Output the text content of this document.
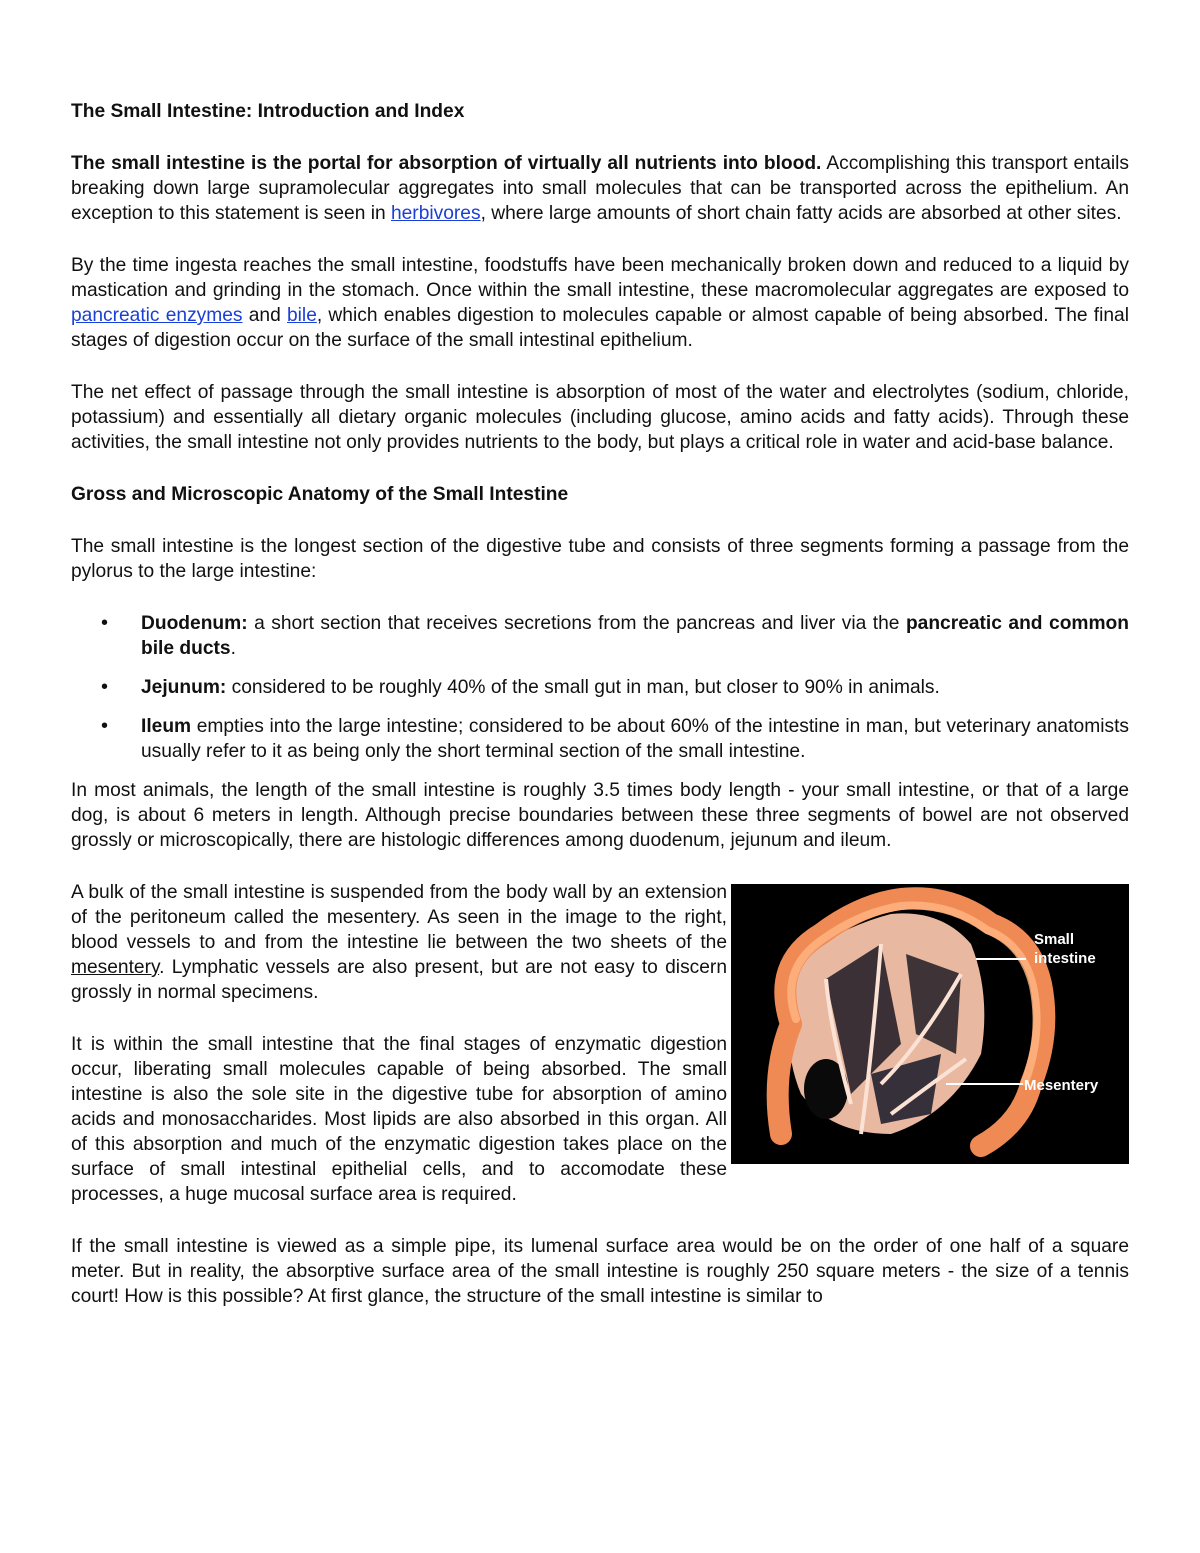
The Small Intestine: Introduction and Index

The small intestine is the portal for absorption of virtually all nutrients into blood. Accomplishing this transport entails breaking down large supramolecular aggregates into small molecules that can be transported across the epithelium. An exception to this statement is seen in herbivores, where large amounts of short chain fatty acids are absorbed at other sites.

By the time ingesta reaches the small intestine, foodstuffs have been mechanically broken down and reduced to a liquid by mastication and grinding in the stomach. Once within the small intestine, these macromolecular aggregates are exposed to pancreatic enzymes and bile, which enables digestion to molecules capable or almost capable of being absorbed. The final stages of digestion occur on the surface of the small intestinal epithelium.

The net effect of passage through the small intestine is absorption of most of the water and electrolytes (sodium, chloride, potassium) and essentially all dietary organic molecules (including glucose, amino acids and fatty acids). Through these activities, the small intestine not only provides nutrients to the body, but plays a critical role in water and acid-base balance.

Gross and Microscopic Anatomy of the Small Intestine

The small intestine is the longest section of the digestive tube and consists of three segments forming a passage from the pylorus to the large intestine:

• Duodenum: a short section that receives secretions from the pancreas and liver via the pancreatic and common bile ducts.
• Jejunum: considered to be roughly 40% of the small gut in man, but closer to 90% in animals.
• Ileum empties into the large intestine; considered to be about 60% of the intestine in man, but veterinary anatomists usually refer to it as being only the short terminal section of the small intestine.

In most animals, the length of the small intestine is roughly 3.5 times body length - your small intestine, or that of a large dog, is about 6 meters in length. Although precise boundaries between these three segments of bowel are not observed grossly or microscopically, there are histologic differences among duodenum, jejunum and ileum.

Small intestine
Mesentery

A bulk of the small intestine is suspended from the body wall by an extension of the peritoneum called the mesentery. As seen in the image to the right, blood vessels to and from the intestine lie between the two sheets of the mesentery. Lymphatic vessels are also present, but are not easy to discern grossly in normal specimens.

It is within the small intestine that the final stages of enzymatic digestion occur, liberating small molecules capable of being absorbed. The small intestine is also the sole site in the digestive tube for absorption of amino acids and monosaccharides. Most lipids are also absorbed in this organ. All of this absorption and much of the enzymatic digestion takes place on the surface of small intestinal epithelial cells, and to accomodate these processes, a huge mucosal surface area is required.

If the small intestine is viewed as a simple pipe, its lumenal surface area would be on the order of one half of a square meter. But in reality, the absorptive surface area of the small intestine is roughly 250 square meters - the size of a tennis court! How is this possible? At first glance, the structure of the small intestine is similar to
